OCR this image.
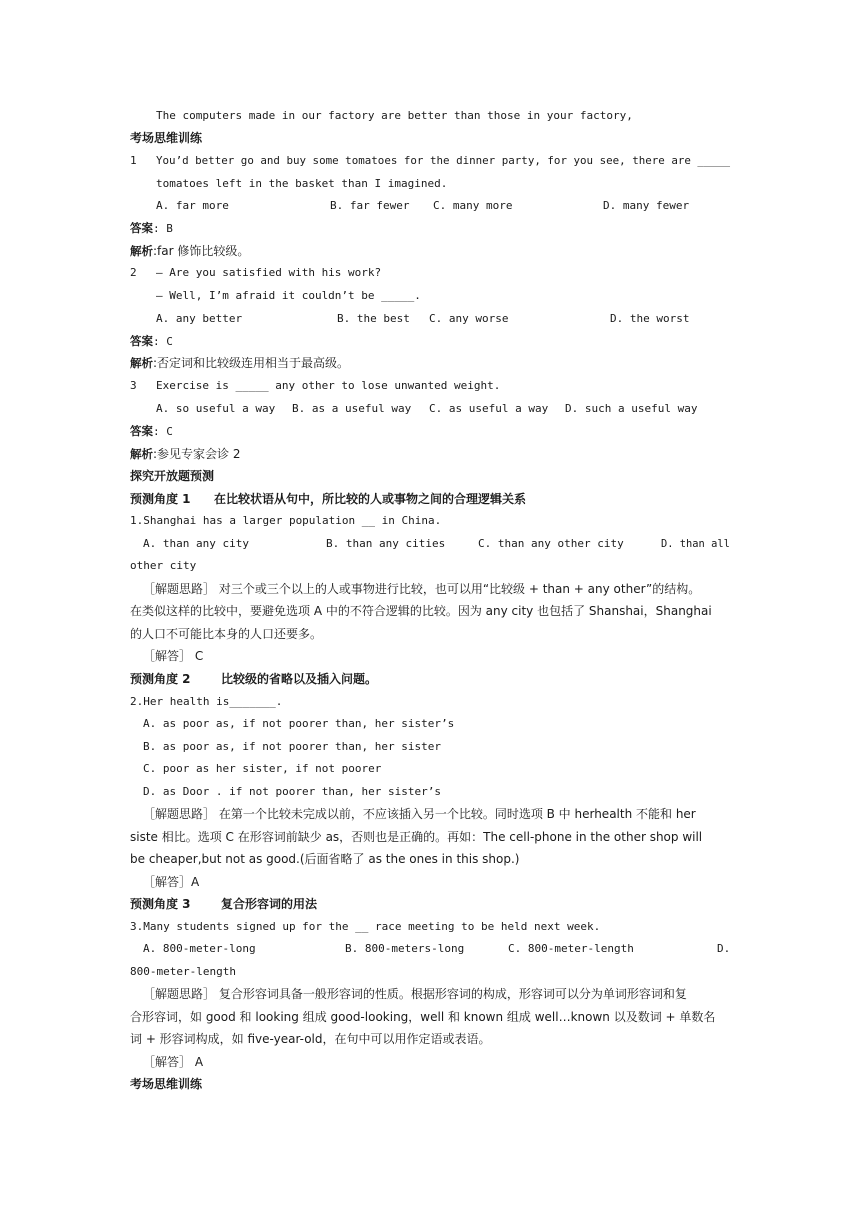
The computers made in our factory are better than those in your factory,
考场思维训练
1 You’d better go and buy some tomatoes for the dinner party, for you see, there are _____
tomatoes left in the basket than I imagined.
A. far more	B. far fewer C. many more	D. many fewer
答案: B
解析:far 修饰比较级。
2 — Are you satisfied with his work?
— Well, I’m afraid it couldn’t be _____.
A. any better	B. the best C. any worse	D. the worst
答案: C
解析:否定词和比较级连用相当于最高级。
3 Exercise is _____ any other to lose unwanted weight.
A. so useful a way B. as a useful way C. as useful a way D. such a useful way
答案: C
解析:参见专家会诊 2
探究开放题预测
预测角度 1 在比较状语从句中，所比较的人或事物之间的合理逻辑关系
1.Shanghai has a larger population __ in China.
A. than any city	B. than any cities	C. than any other city	D. than all
other city
［解题思路］ 对三个或三个以上的人或事物进行比较，也可以用“比较级 + than + any other”的结构。
在类似这样的比较中，要避免选项 A 中的不符合逻辑的比较。因为 any city 也包括了 Shanshai，Shanghai
的人口不可能比本身的人口还要多。
［解答］ C
预测角度 2	比较级的省略以及插入问题。
2.Her health is_______.
A. as poor as, if not poorer than, her sister’s
B. as poor as, if not poorer than, her sister
C. poor as her sister, if not poorer
D. as Door . if not poorer than, her sister’s
［解题思路］ 在第一个比较未完成以前，不应该插入另一个比较。同时选项 B 中 herhealth 不能和 her
siste 相比。选项 C 在形容词前缺少 as，否则也是正确的。再如：The cell-phone in the other shop will
be cheaper,but not as good.(后面省略了 as the ones in this shop.)
［解答］A
预测角度 3	复合形容词的用法
3.Many students signed up for the __ race meeting to be held next week.
A. 800-meter-long	B. 800-meters-long	C. 800-meter-length	D.
800-meter-length
［解题思路］ 复合形容词具备一般形容词的性质。根据形容词的构成，形容词可以分为单词形容词和复
合形容词，如 good 和 looking 组成 good-looking，well 和 known 组成 well…known 以及数词 + 单数名
词 + 形容词构成，如 five-year-old，在句中可以用作定语或表语。
［解答］ A
考场思维训练
